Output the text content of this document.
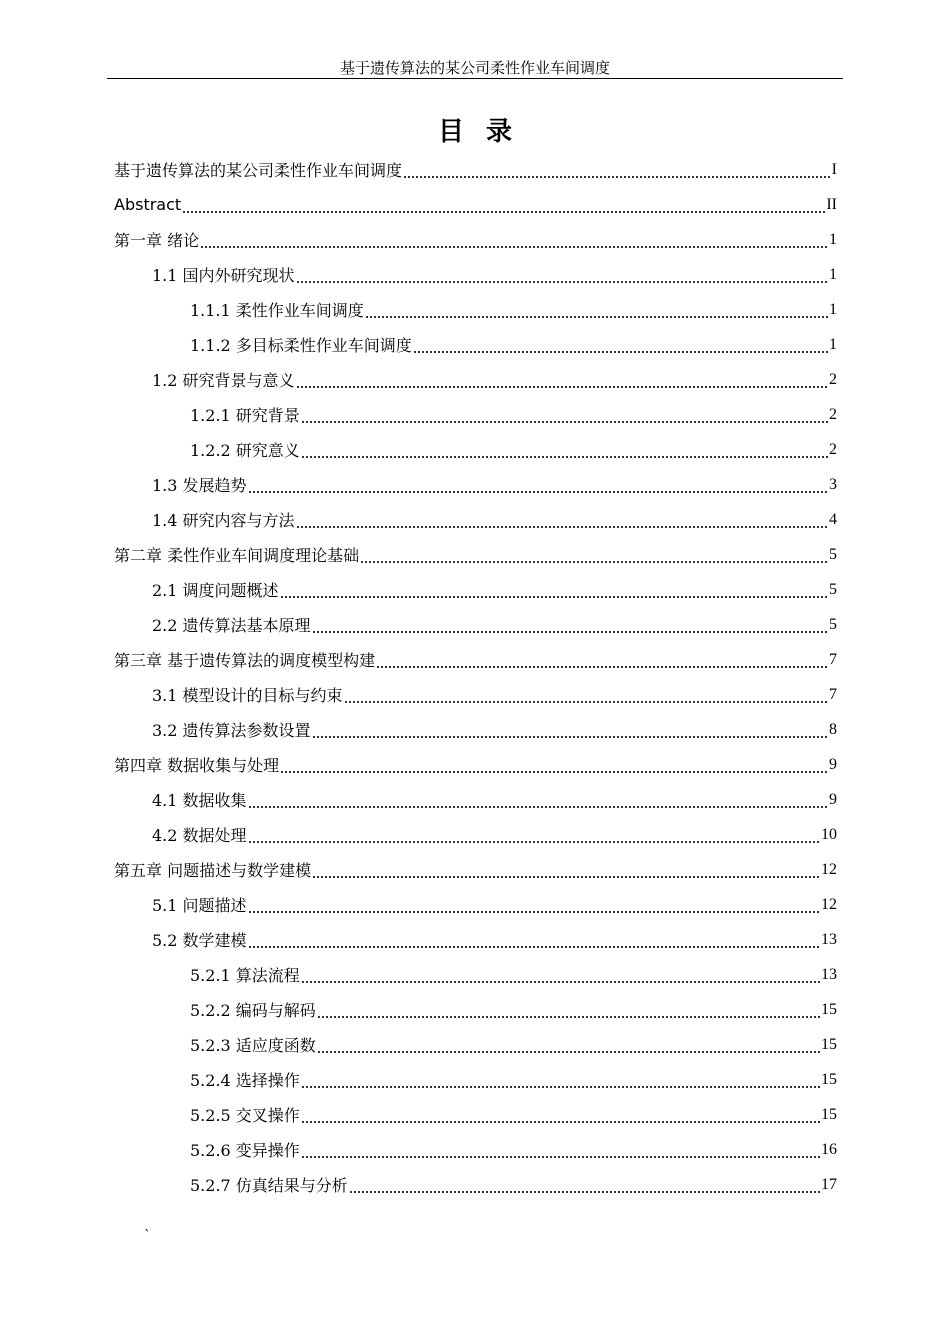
基于遗传算法的某公司柔性作业车间调度
目录
基于遗传算法的某公司柔性作业车间调度	I
Abstract	II
第一章 绪论	1
1.1 国内外研究现状	1
1.1.1 柔性作业车间调度	1
1.1.2 多目标柔性作业车间调度	1
1.2 研究背景与意义	2
1.2.1 研究背景	2
1.2.2 研究意义	2
1.3 发展趋势	3
1.4 研究内容与方法	4
第二章 柔性作业车间调度理论基础	5
2.1 调度问题概述	5
2.2 遗传算法基本原理	5
第三章 基于遗传算法的调度模型构建	7
3.1 模型设计的目标与约束	7
3.2 遗传算法参数设置	8
第四章 数据收集与处理	9
4.1 数据收集	9
4.2 数据处理	10
第五章 问题描述与数学建模	12
5.1 问题描述	12
5.2 数学建模	13
5.2.1 算法流程	13
5.2.2 编码与解码	15
5.2.3 适应度函数	15
5.2.4 选择操作	15
5.2.5 交叉操作	15
5.2.6 变异操作	16
5.2.7 仿真结果与分析	17
`
